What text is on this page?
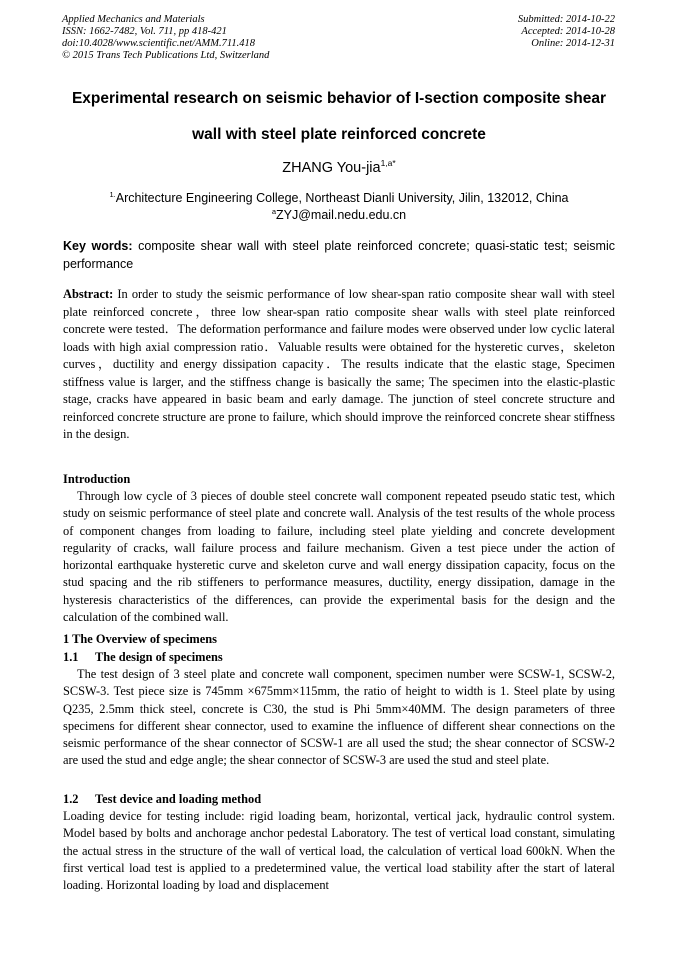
Applied Mechanics and Materials
ISSN: 1662-7482, Vol. 711, pp 418-421
doi:10.4028/www.scientific.net/AMM.711.418
© 2015 Trans Tech Publications Ltd, Switzerland
Submitted: 2014-10-22
Accepted: 2014-10-28
Online: 2014-12-31
Experimental research on seismic behavior of I-section composite shear
wall with steel plate reinforced concrete
ZHANG You-jia$^{1,a*}$
$^{1.}$Architecture Engineering College, Northeast Dianli University, Jilin, 132012, China
$^a$ZYJ@mail.nedu.edu.cn
Key words: composite shear wall with steel plate reinforced concrete; quasi-static test; seismic performance
Abstract: In order to study the seismic performance of low shear-span ratio composite shear wall with steel plate reinforced concrete，three low shear-span ratio composite shear walls with steel plate reinforced concrete were tested．The deformation performance and failure modes were observed under low cyclic lateral loads with high axial compression ratio．Valuable results were obtained for the hysteretic curves，skeleton curves，ductility and energy dissipation capacity．The results indicate that the elastic stage, Specimen stiffness value is larger, and the stiffness change is basically the same; The specimen into the elastic-plastic stage, cracks have appeared in basic beam and early damage. The junction of steel concrete structure and reinforced concrete structure are prone to failure, which should improve the reinforced concrete shear stiffness in the design.
Introduction
Through low cycle of 3 pieces of double steel concrete wall component repeated pseudo static test, which study on seismic performance of steel plate and concrete wall. Analysis of the test results of the whole process of component changes from loading to failure, including steel plate yielding and concrete development regularity of cracks, wall failure process and failure mechanism. Given a test piece under the action of horizontal earthquake hysteretic curve and skeleton curve and wall energy dissipation capacity, focus on the stud spacing and the rib stiffeners to performance measures, ductility, energy dissipation, damage in the hysteresis characteristics of the differences, can provide the experimental basis for the design and the calculation of the combined wall.
1 The Overview of specimens
1.1 The design of specimens
The test design of 3 steel plate and concrete wall component, specimen number were SCSW-1, SCSW-2, SCSW-3. Test piece size is 745mm ×675mm×115mm, the ratio of height to width is 1. Steel plate by using Q235, 2.5mm thick steel, concrete is C30, the stud is Phi 5mm×40MM. The design parameters of three specimens for different shear connector, used to examine the influence of different shear connections on the seismic performance of the shear connector of SCSW-1 are all used the stud; the shear connector of SCSW-2 are used the stud and edge angle; the shear connector of SCSW-3 are used the stud and steel plate.
1.2 Test device and loading method
Loading device for testing include: rigid loading beam, horizontal, vertical jack, hydraulic control system. Model based by bolts and anchorage anchor pedestal Laboratory. The test of vertical load constant, simulating the actual stress in the structure of the wall of vertical load, the calculation of vertical load 600kN. When the first vertical load test is applied to a predetermined value, the vertical load stability after the start of lateral loading. Horizontal loading by load and displacement
